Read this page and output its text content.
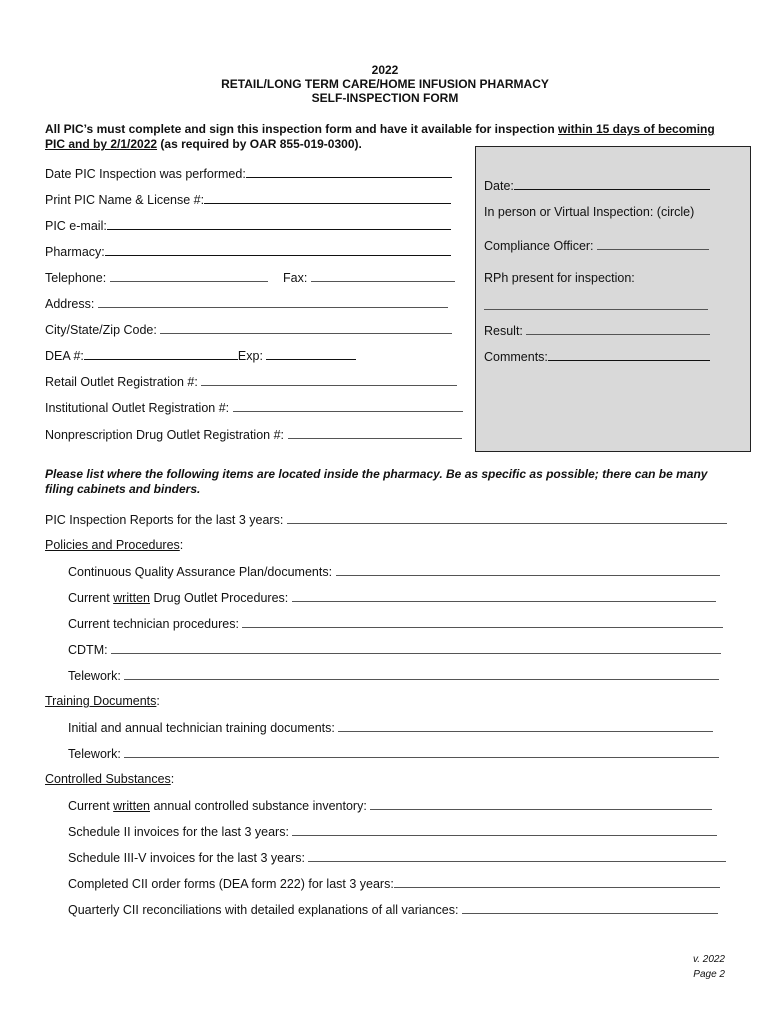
2022
RETAIL/LONG TERM CARE/HOME INFUSION PHARMACY
SELF-INSPECTION FORM
All PIC’s must complete and sign this inspection form and have it available for inspection within 15 days of becoming PIC and by 2/1/2022 (as required by OAR 855-019-0300).
Date PIC Inspection was performed:
Print PIC Name & License #:
PIC e-mail:
Pharmacy:
Telephone:	Fax:
Address:
City/State/Zip Code:
DEA #:	Exp:
Retail Outlet Registration #:
Institutional Outlet Registration #:
Nonprescription Drug Outlet Registration #:
Date:
In person or Virtual Inspection: (circle)
Compliance Officer:
RPh present for inspection:
Result:
Comments:
Please list where the following items are located inside the pharmacy. Be as specific as possible; there can be many filing cabinets and binders.
PIC Inspection Reports for the last 3 years:
Policies and Procedures:
Continuous Quality Assurance Plan/documents:
Current written Drug Outlet Procedures:
Current technician procedures:
CDTM:
Telework:
Training Documents:
Initial and annual technician training documents:
Telework:
Controlled Substances:
Current written annual controlled substance inventory:
Schedule II invoices for the last 3 years:
Schedule III-V invoices for the last 3 years:
Completed CII order forms (DEA form 222) for last 3 years:
Quarterly CII reconciliations with detailed explanations of all variances:
v. 2022
Page 2
